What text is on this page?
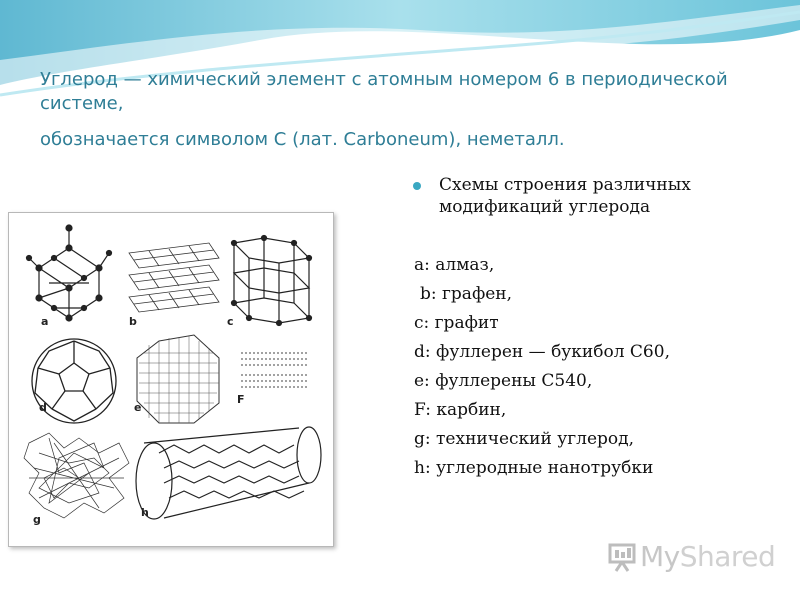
Углерод — химический элемент с атомным номером 6 в периодической системе,
обозначается символом C (лат. Carboneum), неметалл.
a	b	c
d	e
F
g
h
Схемы строения различных модификаций углерода
a: алмаз,
b: графен,
c: графит
d: фуллерен — букибол C60,
e: фуллерены C540,
F: карбин,
g: технический углерод,
h: углеродные нанотрубки
MyShared
